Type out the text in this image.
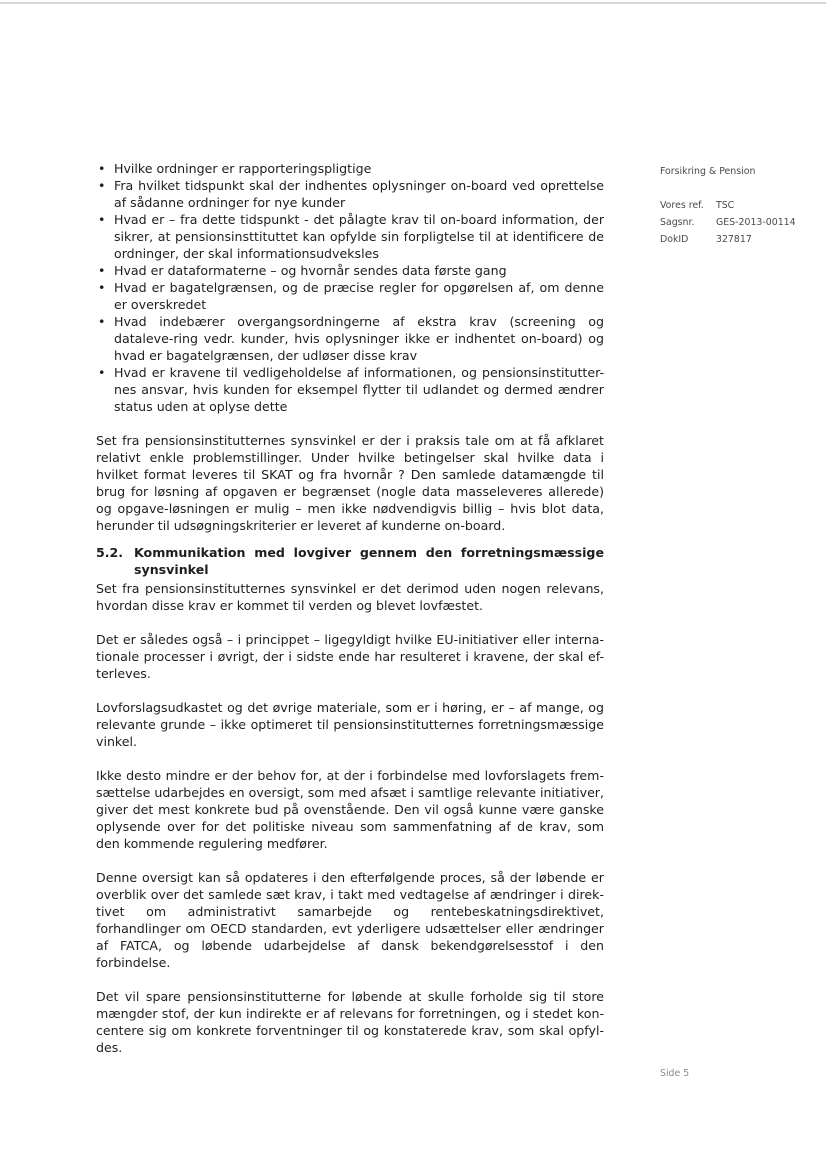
• Hvilke ordninger er rapporteringspligtige
• Fra hvilket tidspunkt skal der indhentes oplysninger on-board ved oprettelse af sådanne ordninger for nye kunder
• Hvad er – fra dette tidspunkt - det pålagte krav til on-board information, der sikrer, at pensionsinsttituttet kan opfylde sin forpligtelse til at identificere de ordninger, der skal informationsudveksles
• Hvad er dataformaterne – og hvornår sendes data første gang
• Hvad er bagatelgrænsen, og de præcise regler for opgørelsen af, om denne er overskredet
• Hvad indebærer overgangsordningerne af ekstra krav (screening og dataleve-ring vedr. kunder, hvis oplysninger ikke er indhentet on-board) og hvad er bagatelgrænsen, der udløser disse krav
• Hvad er kravene til vedligeholdelse af informationen, og pensionsinstitutter-nes ansvar, hvis kunden for eksempel flytter til udlandet og dermed ændrer status uden at oplyse dette

Set fra pensionsinstitutternes synsvinkel er der i praksis tale om at få afklaret relativt enkle problemstillinger. Under hvilke betingelser skal hvilke data i hvilket format leveres til SKAT og fra hvornår ? Den samlede datamængde til brug for løsning af opgaven er begrænset (nogle data masseleveres allerede) og opgave-løsningen er mulig – men ikke nødvendigvis billig – hvis blot data, herunder til udsøgningskriterier er leveret af kunderne on-board.

5.2. Kommunikation med lovgiver gennem den forretningsmæssige synsvinkel

Set fra pensionsinstitutternes synsvinkel er det derimod uden nogen relevans, hvordan disse krav er kommet til verden og blevet lovfæstet.

Det er således også – i princippet – ligegyldigt hvilke EU-initiativer eller interna-tionale processer i øvrigt, der i sidste ende har resulteret i kravene, der skal ef-terleves.

Lovforslagsudkastet og det øvrige materiale, som er i høring, er – af mange, og relevante grunde – ikke optimeret til pensionsinstitutternes forretningsmæssige vinkel.

Ikke desto mindre er der behov for, at der i forbindelse med lovforslagets frem-sættelse udarbejdes en oversigt, som med afsæt i samtlige relevante initiativer, giver det mest konkrete bud på ovenstående. Den vil også kunne være ganske oplysende over for det politiske niveau som sammenfatning af de krav, som den kommende regulering medfører.

Denne oversigt kan så opdateres i den efterfølgende proces, så der løbende er overblik over det samlede sæt krav, i takt med vedtagelse af ændringer i direk-tivet om administrativt samarbejde og rentebeskatningsdirektivet, forhandlinger om OECD standarden, evt yderligere udsættelser eller ændringer af FATCA, og løbende udarbejdelse af dansk bekendgørelsesstof i den forbindelse.

Det vil spare pensionsinstitutterne for løbende at skulle forholde sig til store mængder stof, der kun indirekte er af relevans for forretningen, og i stedet kon-centere sig om konkrete forventninger til og konstaterede krav, som skal opfyl-des.

Forsikring & Pension
Vores ref.	TSC
Sagsnr.	GES-2013-00114
DokID	327817
Side 5
